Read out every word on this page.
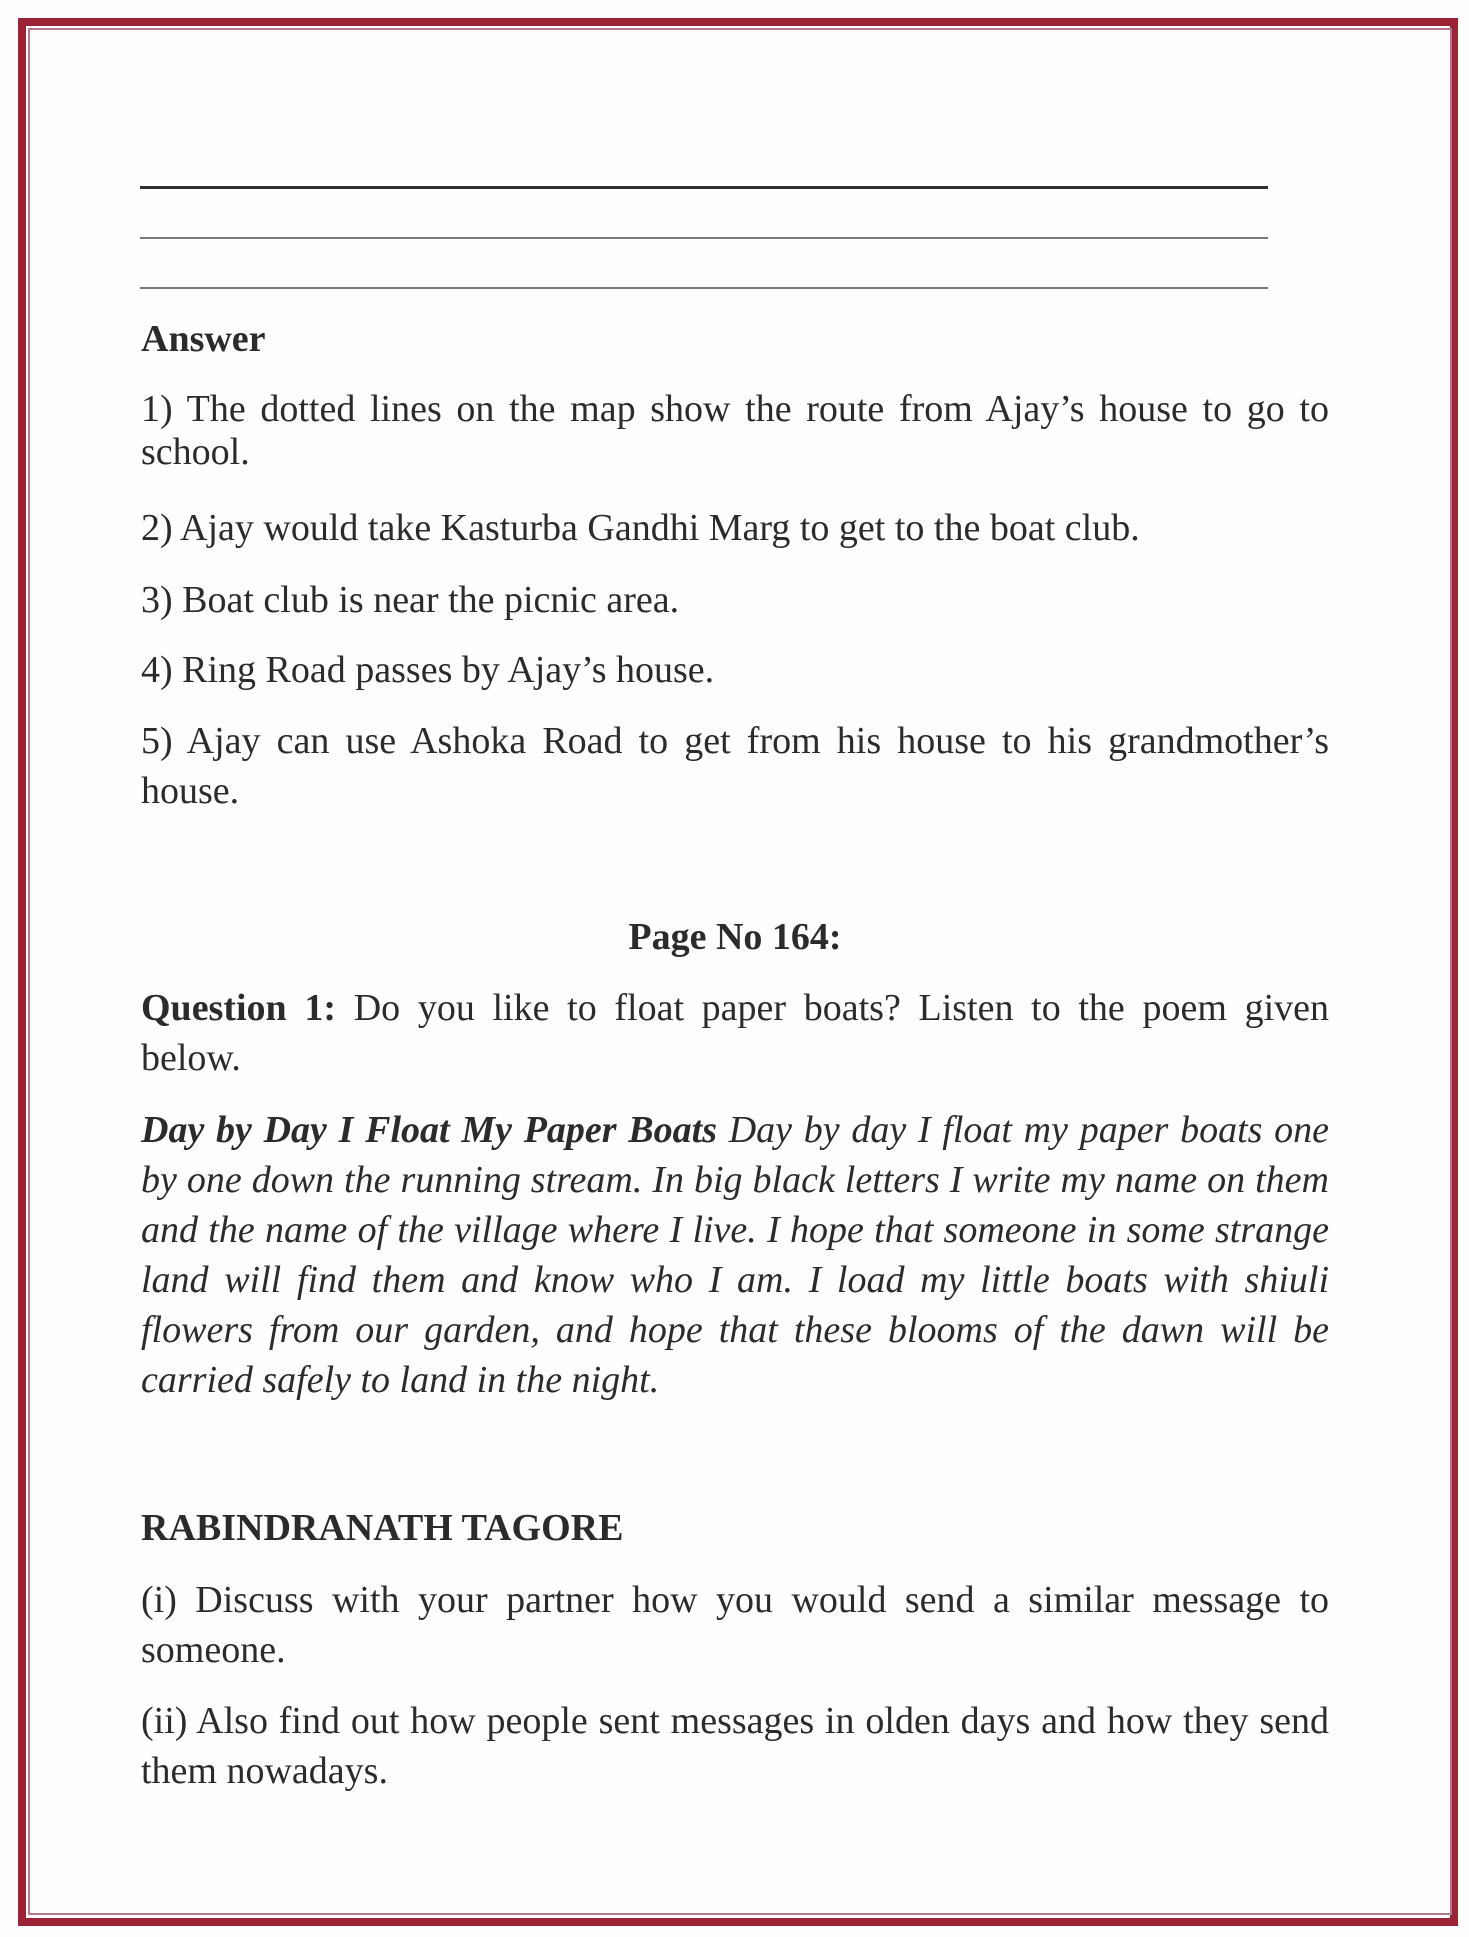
Answer

1) The dotted lines on the map show the route from Ajay’s house to go to school.

2) Ajay would take Kasturba Gandhi Marg to get to the boat club.

3) Boat club is near the picnic area.

4) Ring Road passes by Ajay’s house.

5) Ajay can use Ashoka Road to get from his house to his grandmother’s house.

Page No 164:

Question 1: Do you like to float paper boats? Listen to the poem given below.

Day by Day I Float My Paper Boats Day by day I float my paper boats one by one down the running stream. In big black letters I write my name on them and the name of the village where I live. I hope that someone in some strange land will find them and know who I am. I load my little boats with shiuli flowers from our garden, and hope that these blooms of the dawn will be carried safely to land in the night.

RABINDRANATH TAGORE

(i) Discuss with your partner how you would send a similar message to someone.

(ii) Also find out how people sent messages in olden days and how they send them nowadays.
